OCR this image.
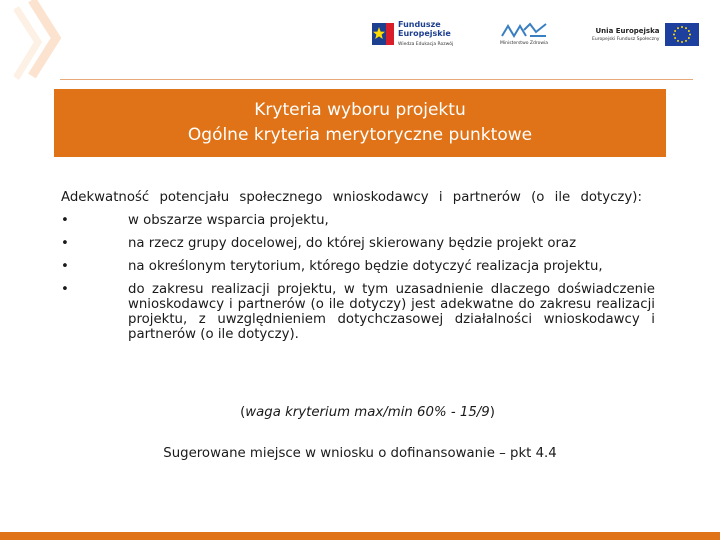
Fundusze
Europejskie
Wiedza Edukacja Rozwój	Ministerstwo Zdrowia
Unia Europejska
Europejski Fundusz Społeczny
Kryteria wyboru projektu
Ogólne kryteria merytoryczne punktowe

Adekwatność potencjału społecznego wnioskodawcy i partnerów (o ile dotyczy):

•	w obszarze wsparcia projektu,
•	na rzecz grupy docelowej, do której skierowany będzie projekt oraz
•	na określonym terytorium, którego będzie dotyczyć realizacja projektu,
•	do zakresu realizacji projektu, w tym uzasadnienie dlaczego doświadczenie wnioskodawcy i partnerów (o ile dotyczy) jest adekwatne do zakresu realizacji projektu, z uwzględnieniem dotychczasowej działalności wnioskodawcy i partnerów (o ile dotyczy).
(waga kryterium max/min 60% - 15/9)
Sugerowane miejsce w wniosku o dofinansowanie – pkt 4.4
